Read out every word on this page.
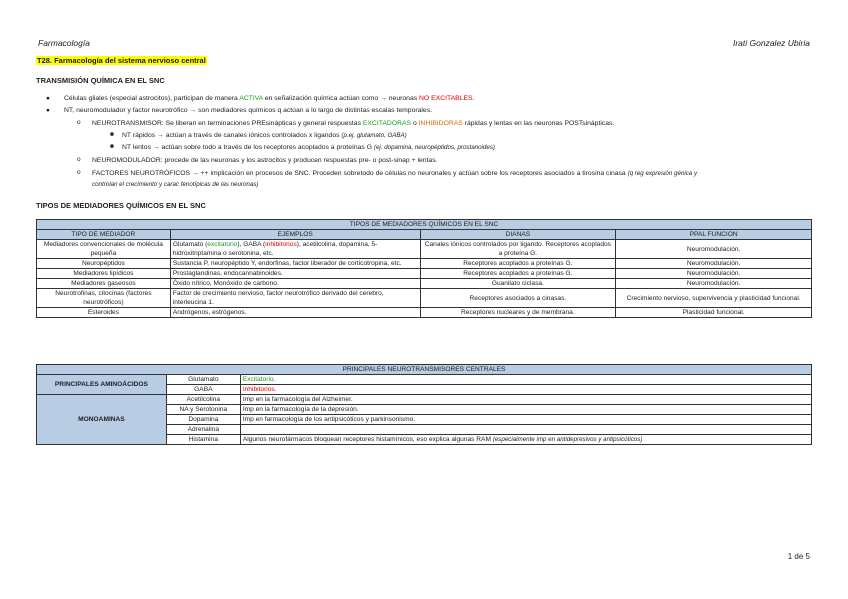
Farmacología	Irati Gonzalez Ubiria
T28. Farmacología del sistema nervioso central
TRANSMISIÓN QUÍMICA EN EL SNC
● Células gliales (especial astrocitos), participan de manera ACTIVA en señalización química actúan como → neuronas NO EXCITABLES.
● NT, neuromodulador y factor neurotrófico → son mediadores químicos q actúan a lo largo de distintas escalas temporales.
o NEUROTRANSMISOR: Se liberan en terminaciones PREsinápticas y general respuestas EXCITADORAS o INHIBIDORAS rápidas y lentas en las neuronas POSTsinápticas.
■ NT rápidos → actúan a través de canales iónicos controlados x ligandos (p.ej. glutamato, GABA)
■ NT lentos → actúan sobre todo a través de los receptores acoplados a proteínas G (ej. dopamina, neuropéptidos, prostanoides)
o NEUROMODULADOR: procede de las neuronas y los astrocitos y producen respuestas pre- o post-sinap + lentas.
o FACTORES NEUROTRÓFICOS → ++ implicación en procesos de SNC. Proceden sobretodo de células no neuronales y actúan sobre los receptores asociados a tirosina cinasa (q reg expresión génica y
controlan el crecimiento y carac fenotípicas de las neuronas)
TIPOS DE MEDIADORES QUÍMICOS EN EL SNC
TIPOS DE MEDIADORES QUÍMICOS EN EL SNC			
TIPO DE MEDIADOR	EJEMPLOS	DIANAS	PPAL FUNCION
Mediadores convencionales de molécula pequeña	Glutamato (excitatorio), GABA (inhibitorios), acetilcolina, dopamina, 5-hidroxitriptamina o serotonina, etc.	Canales iónicos controlados por ligando. Receptores acoplados a proteína G.	Neuromodulación.
Neuropéptidos	Sustancia P, neuropéptido Y, endorfinas, factor liberador de corticotropina, etc.	Receptores acoplados a proteínas G.	Neuromodulación.
Mediadores lipídicos	Prostaglandinas, endocannabinoides.	Receptores acoplados a proteínas G.	Neuromodulación.
Mediadores gaseosos	Óxido nítrico, Monóxido de carbono.	Guanilato ciclasa.	Neuromodulación.
Neurotrofinas, citocinas (factores neurotróficos)	Factor de crecimiento nervioso, factor neurotrófico derivado del cerebro, interleucina 1.	Receptores asociados a cinasas.	Crecimiento nervioso, supervivencia y plasticidad funcional.
Esteroides	Andrógenos, estrógenos.	Receptores nucleares y de membrana.	Plasticidad funcional.
PRINCIPALES NEUROTRANSMISORES CENTRALES		
PRINCIPALES AMINOÁCIDOS	Glutamato	Excitatorio.
	GABA	Inhibitorios.
MONOAMINAS	Acetilcolina	Imp en la farmacología del Alzheimer.
	NA y Serotonina	Imp en la farmacología de la depresión.
	Dopamina	Imp en farmacología de los antipsicóticos y parkinsonismo.
	Adrenalina	
	Histamina	Algunos neurofármacos bloquean receptores histamínicos, eso explica algunas RAM (especialmente imp en antidepresivos y antipsicóticos)
1 de 5
